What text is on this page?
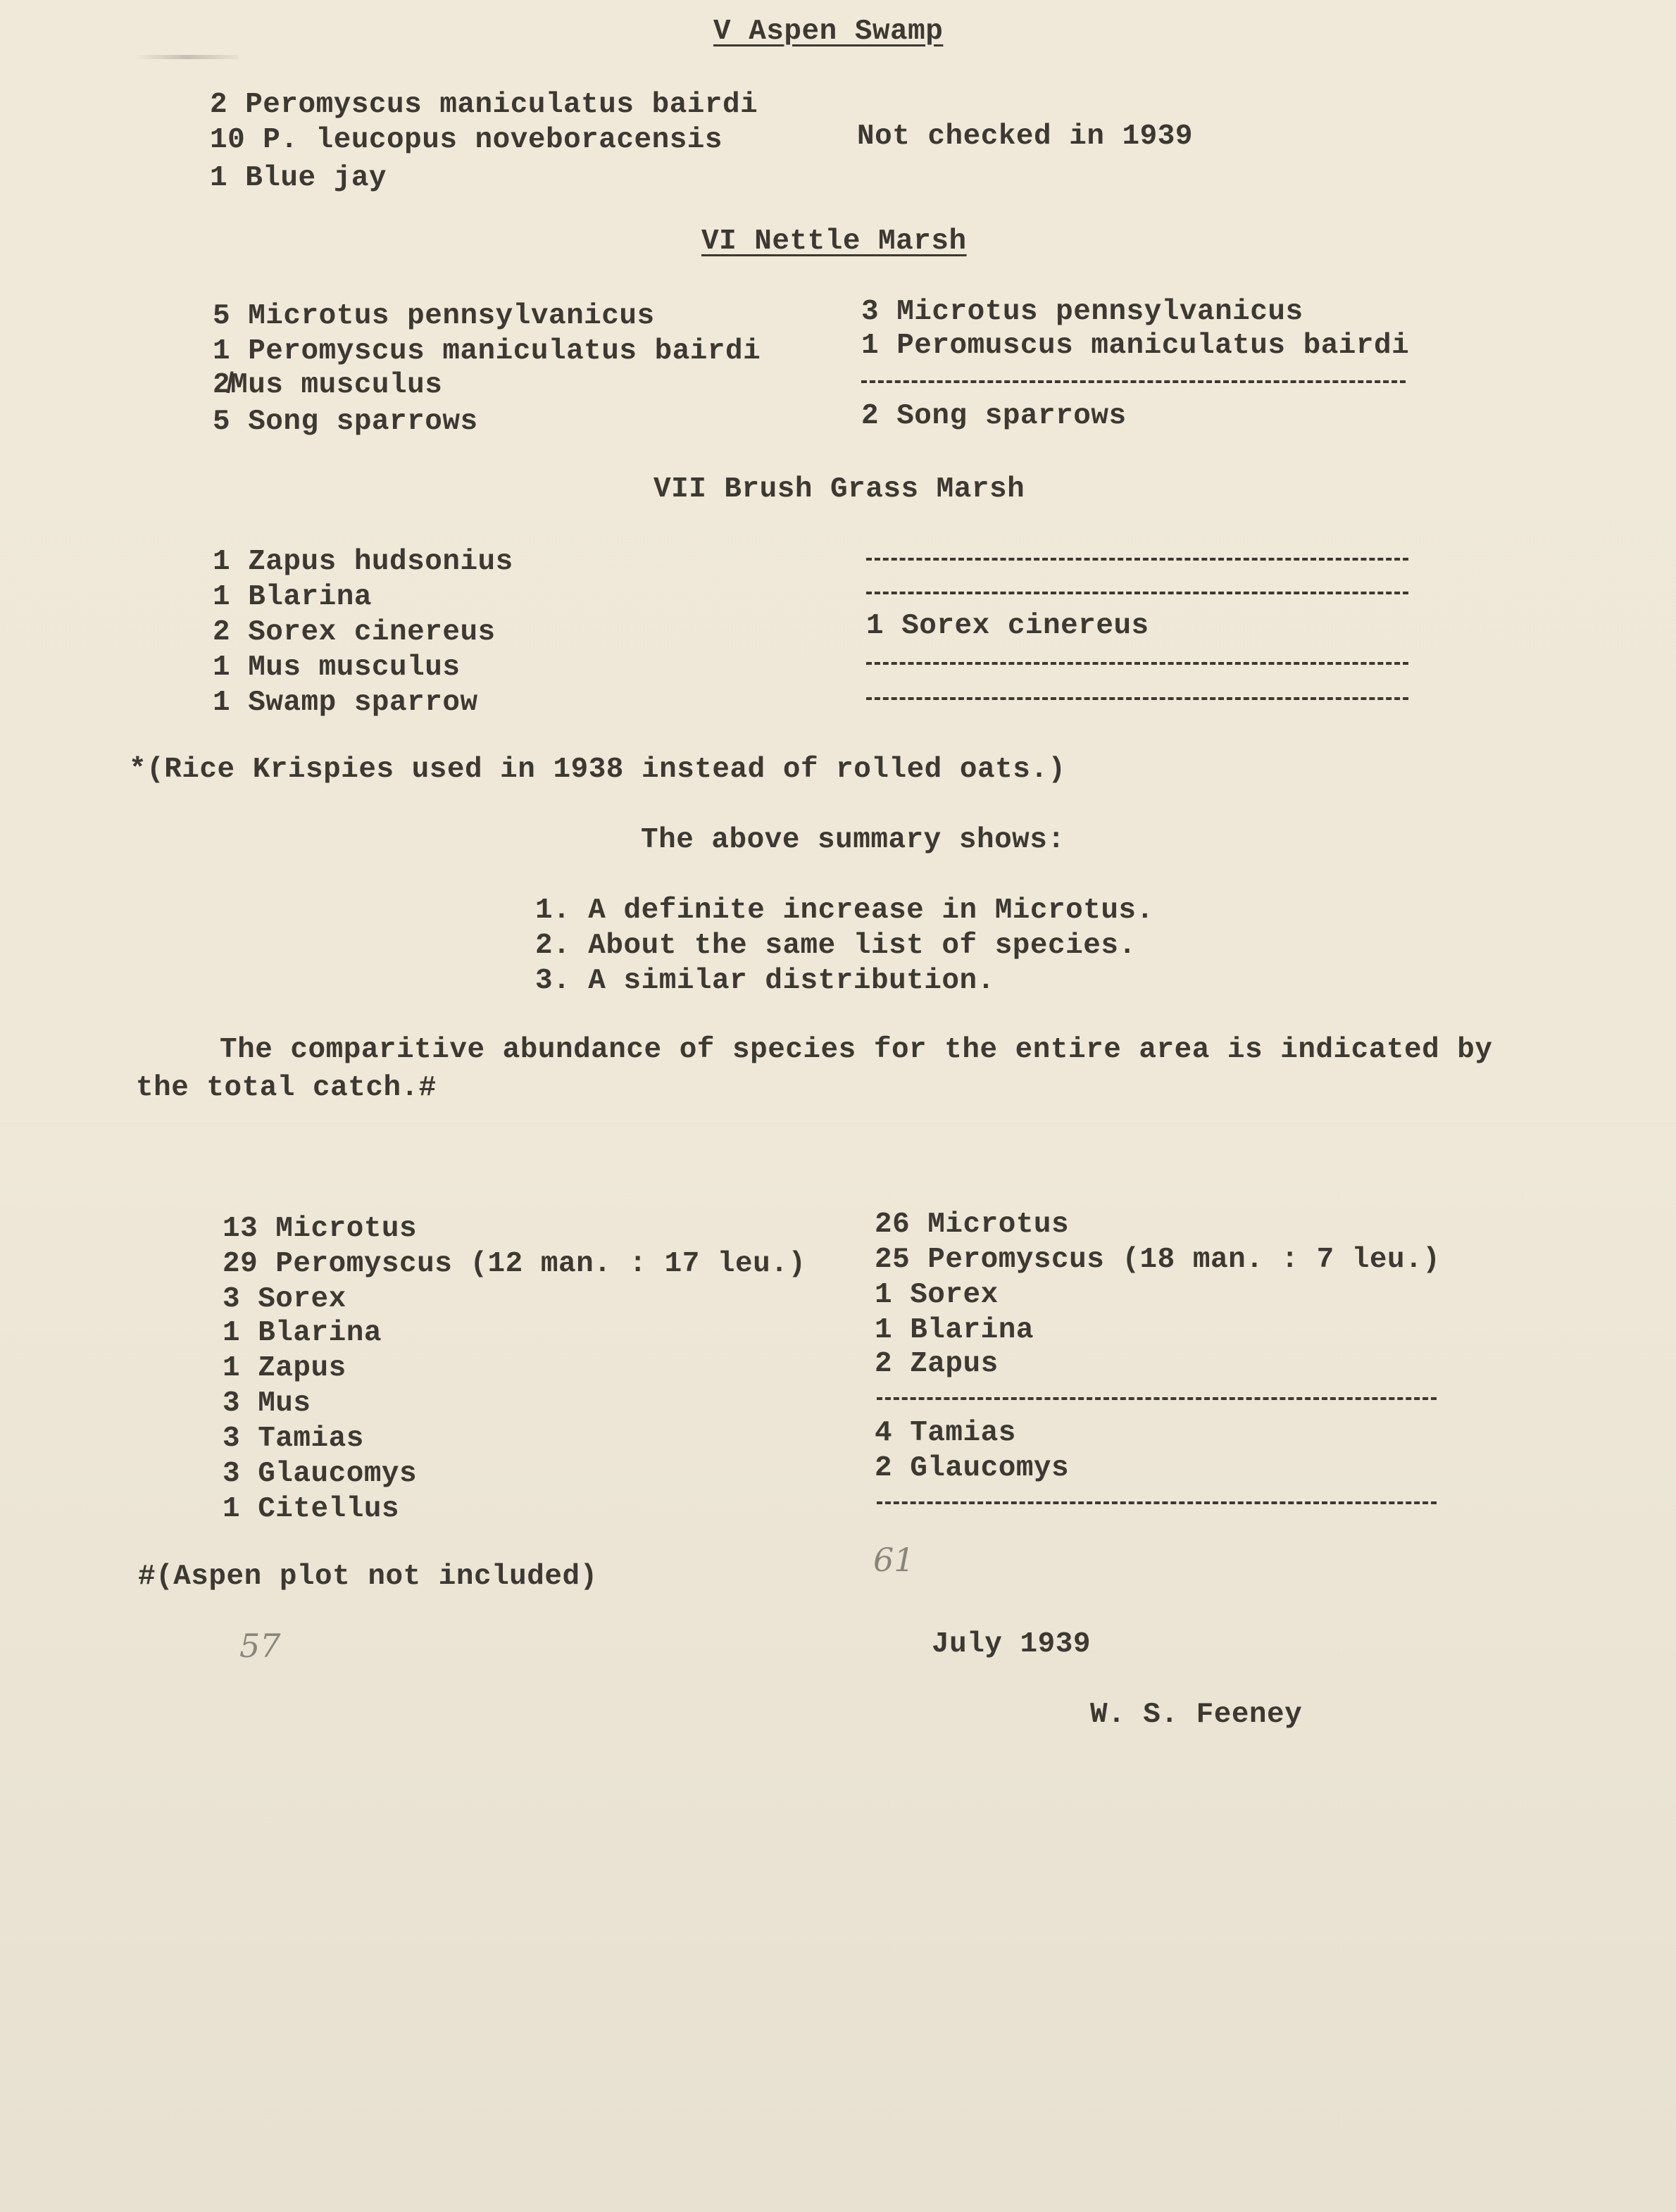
V Aspen Swamp
2 Peromyscus maniculatus bairdi
10 P. leucopus noveboracensis
1 Blue jay
Not checked in 1939
VI Nettle Marsh
5 Microtus pennsylvanicus
1 Peromyscus maniculatus bairdi
2̸Mus musculus
5 Song sparrows
3 Microtus pennsylvanicus
1 Peromuscus maniculatus bairdi
2 Song sparrows
VII Brush Grass Marsh
1 Zapus hudsonius
1 Blarina
2 Sorex cinereus
1 Mus musculus
1 Swamp sparrow
1 Sorex cinereus
*(Rice Krispies used in 1938 instead of rolled oats.)
The above summary shows:
1. A definite increase in Microtus.
2. About the same list of species.
3. A similar distribution.
The comparitive abundance of species for the entire area is indicated by
the total catch.#
13 Microtus
29 Peromyscus (12 man. : 17 leu.)
3 Sorex
1 Blarina
1 Zapus
3 Mus
3 Tamias
3 Glaucomys
1 Citellus
26 Microtus
25 Peromyscus (18 man. : 7 leu.)
1 Sorex
1 Blarina
2 Zapus
4 Tamias
2 Glaucomys
#(Aspen plot not included)
57
61
July 1939
W. S. Feeney
